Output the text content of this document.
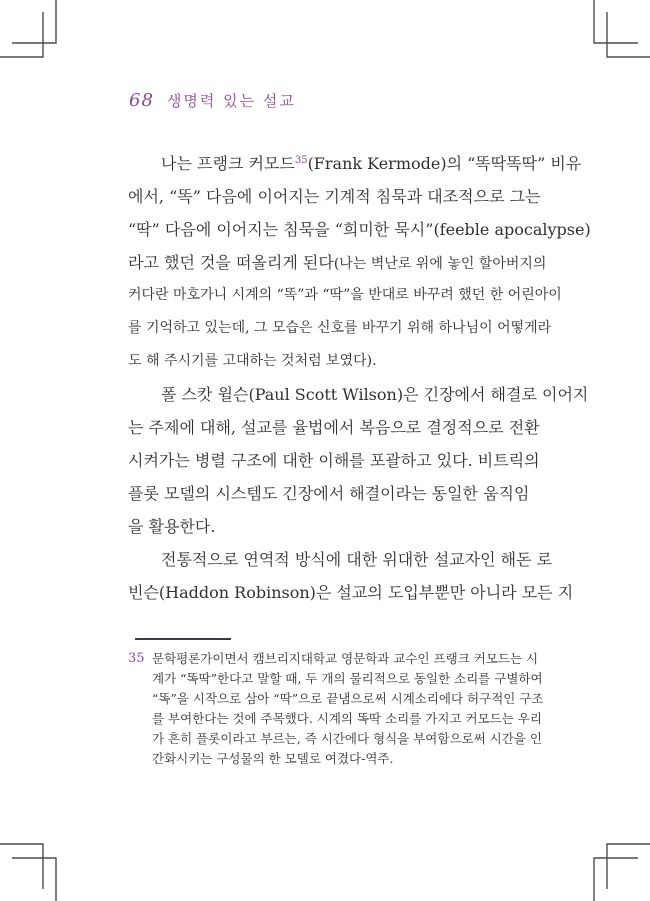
68 생명력 있는 설교
나는 프랭크 커모드$^{35}$(Frank Kermode)의 “똑딱똑딱” 비유
에서, “똑” 다음에 이어지는 기계적 침묵과 대조적으로 그는
“딱” 다음에 이어지는 침묵을 “희미한 묵시”(feeble apocalypse)
라고 했던 것을 떠올리게 된다(나는 벽난로 위에 놓인 할아버지의
커다란 마호가니 시계의 “똑”과 “딱”을 반대로 바꾸려 했던 한 어린아이
를 기억하고 있는데, 그 모습은 신호를 바꾸기 위해 하나님이 어떻게라
도 해 주시기를 고대하는 것처럼 보였다).
폴 스캇 윌슨(Paul Scott Wilson)은 긴장에서 해결로 이어지
는 주제에 대해, 설교를 율법에서 복음으로 결정적으로 전환
시켜가는 병렬 구조에 대한 이해를 포괄하고 있다. 비트릭의
플롯 모델의 시스템도 긴장에서 해결이라는 동일한 움직임
을 활용한다.
전통적으로 연역적 방식에 대한 위대한 설교자인 해돈 로
빈슨(Haddon Robinson)은 설교의 도입부뿐만 아니라 모든 지
35 문학평론가이면서 캠브리지대학교 영문학과 교수인 프랭크 커모드는 시
계가 “똑딱”한다고 말할 때, 두 개의 물리적으로 동일한 소리를 구별하여
“똑”을 시작으로 삼아 “딱”으로 끝냄으로써 시계소리에다 허구적인 구조
를 부여한다는 것에 주목했다. 시계의 똑딱 소리를 가지고 커모드는 우리
가 흔히 플롯이라고 부르는, 즉 시간에다 형식을 부여함으로써 시간을 인
간화시키는 구성물의 한 모델로 여겼다-역주.
